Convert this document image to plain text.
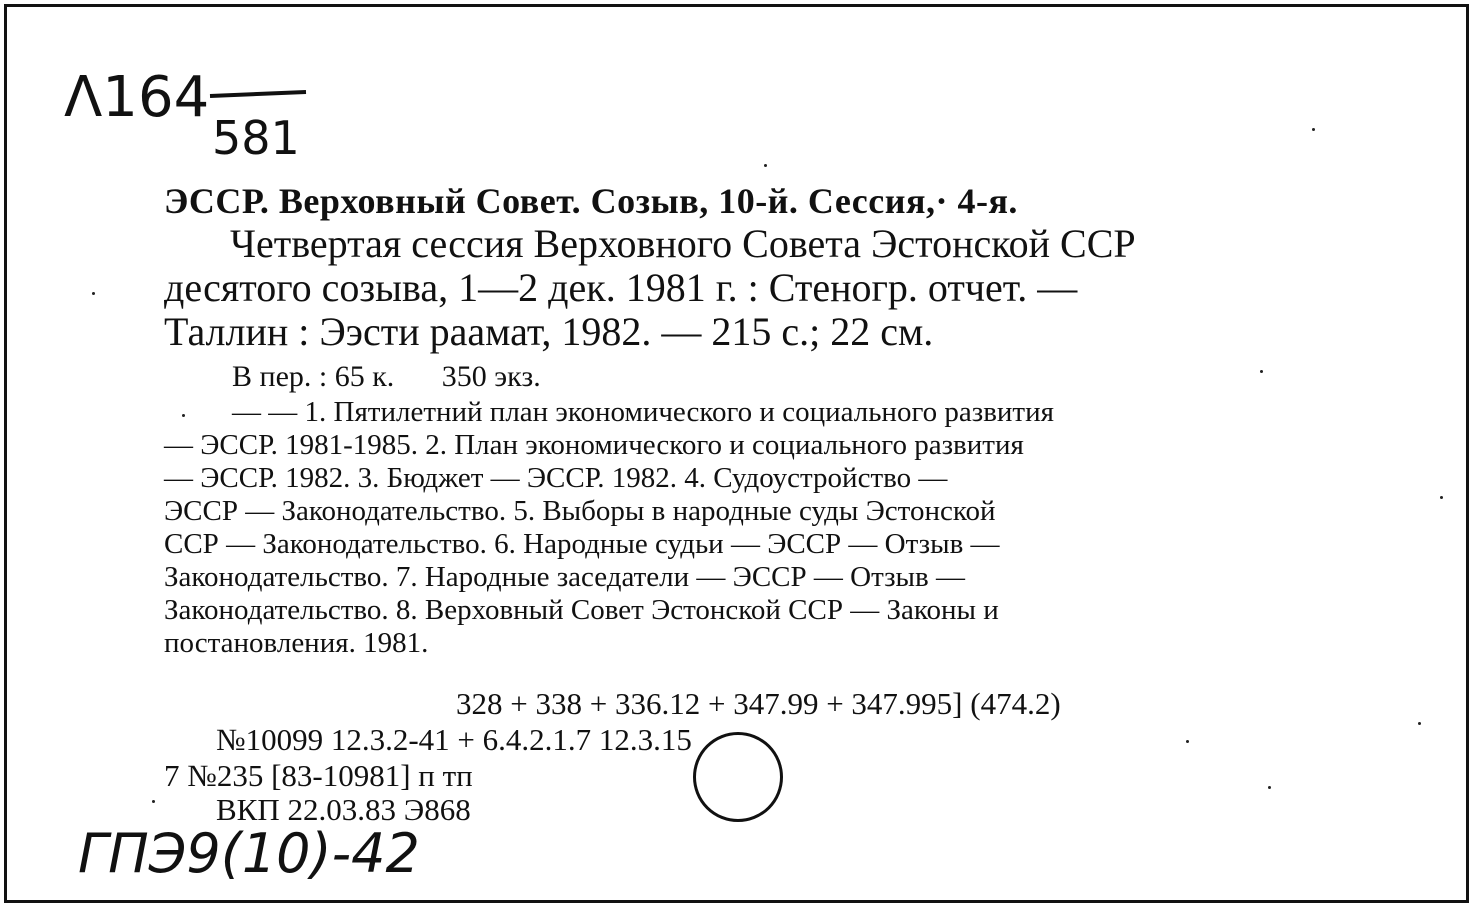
Λ164
581
ЭССР. Верховный Совет. Созыв, 10-й. Сессия,· 4-я.
Четвертая сессия Верховного Совета Эстонской ССР
десятого созыва, 1—2 дек. 1981 г. : Стеногр. отчет. —
Таллин : Ээсти раамат, 1982. — 215 с.; 22 см.
В пер. : 65 к. 350 экз.
— — 1. Пятилетний план экономического и социального развития
— ЭССР. 1981-1985. 2. План экономического и социального развития
— ЭССР. 1982. 3. Бюджет — ЭССР. 1982. 4. Судоустройство —
ЭССР — Законодательство. 5. Выборы в народные суды Эстонской
ССР — Законодательство. 6. Народные судьи — ЭССР — Отзыв —
Законодательство. 7. Народные заседатели — ЭССР — Отзыв —
Законодательство. 8. Верховный Совет Эстонской ССР — Законы и
постановления. 1981.
328 + 338 + 336.12 + 347.99 + 347.995] (474.2)
№10099 12.3.2-41 + 6.4.2.1.7 12.3.15
7 №235 [83-10981] п тп
ВКП 22.03.83 Э868
ГПЭ9(10)-42
